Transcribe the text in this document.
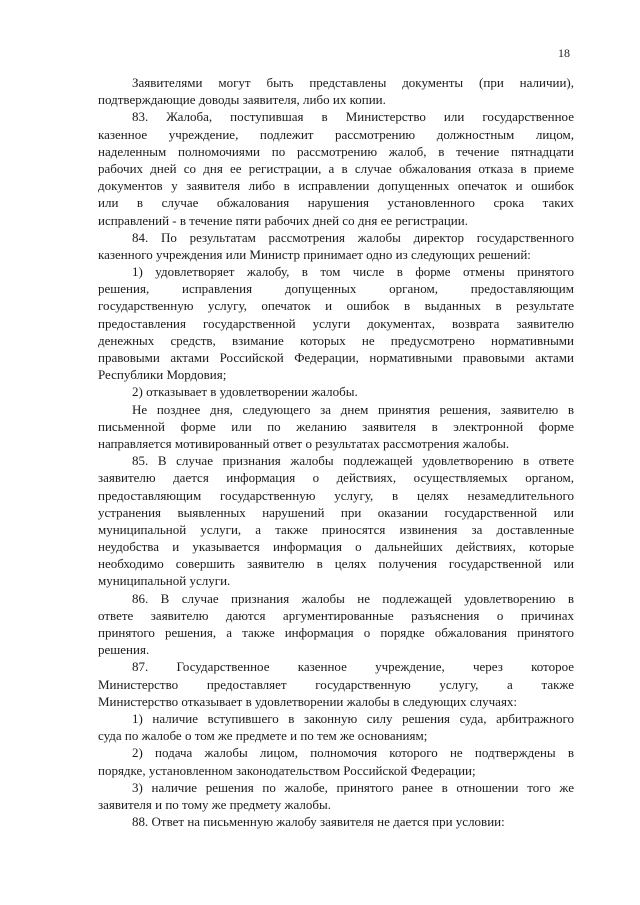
18
Заявителями могут быть представлены документы (при наличии),
подтверждающие доводы заявителя, либо их копии.
83. Жалоба, поступившая в Министерство или государственное
казенное учреждение, подлежит рассмотрению должностным лицом,
наделенным полномочиями по рассмотрению жалоб, в течение пятнадцати
рабочих дней со дня ее регистрации, а в случае обжалования отказа в приеме
документов у заявителя либо в исправлении допущенных опечаток и ошибок
или в случае обжалования нарушения установленного срока таких
исправлений - в течение пяти рабочих дней со дня ее регистрации.
84. По результатам рассмотрения жалобы директор государственного
казенного учреждения или Министр принимает одно из следующих решений:
1) удовлетворяет жалобу, в том числе в форме отмены принятого
решения, исправления допущенных органом, предоставляющим
государственную услугу, опечаток и ошибок в выданных в результате
предоставления государственной услуги документах, возврата заявителю
денежных средств, взимание которых не предусмотрено нормативными
правовыми актами Российской Федерации, нормативными правовыми актами
Республики Мордовия;
2) отказывает в удовлетворении жалобы.
Не позднее дня, следующего за днем принятия решения, заявителю в
письменной форме или по желанию заявителя в электронной форме
направляется мотивированный ответ о результатах рассмотрения жалобы.
85. В случае признания жалобы подлежащей удовлетворению в ответе
заявителю дается информация о действиях, осуществляемых органом,
предоставляющим государственную услугу, в целях незамедлительного
устранения выявленных нарушений при оказании государственной или
муниципальной услуги, а также приносятся извинения за доставленные
неудобства и указывается информация о дальнейших действиях, которые
необходимо совершить заявителю в целях получения государственной или
муниципальной услуги.
86. В случае признания жалобы не подлежащей удовлетворению в
ответе заявителю даются аргументированные разъяснения о причинах
принятого решения, а также информация о порядке обжалования принятого
решения.
87. Государственное казенное учреждение, через которое
Министерство предоставляет государственную услугу, а также
Министерство отказывает в удовлетворении жалобы в следующих случаях:
1) наличие вступившего в законную силу решения суда, арбитражного
суда по жалобе о том же предмете и по тем же основаниям;
2) подача жалобы лицом, полномочия которого не подтверждены в
порядке, установленном законодательством Российской Федерации;
3) наличие решения по жалобе, принятого ранее в отношении того же
заявителя и по тому же предмету жалобы.
88. Ответ на письменную жалобу заявителя не дается при условии:
